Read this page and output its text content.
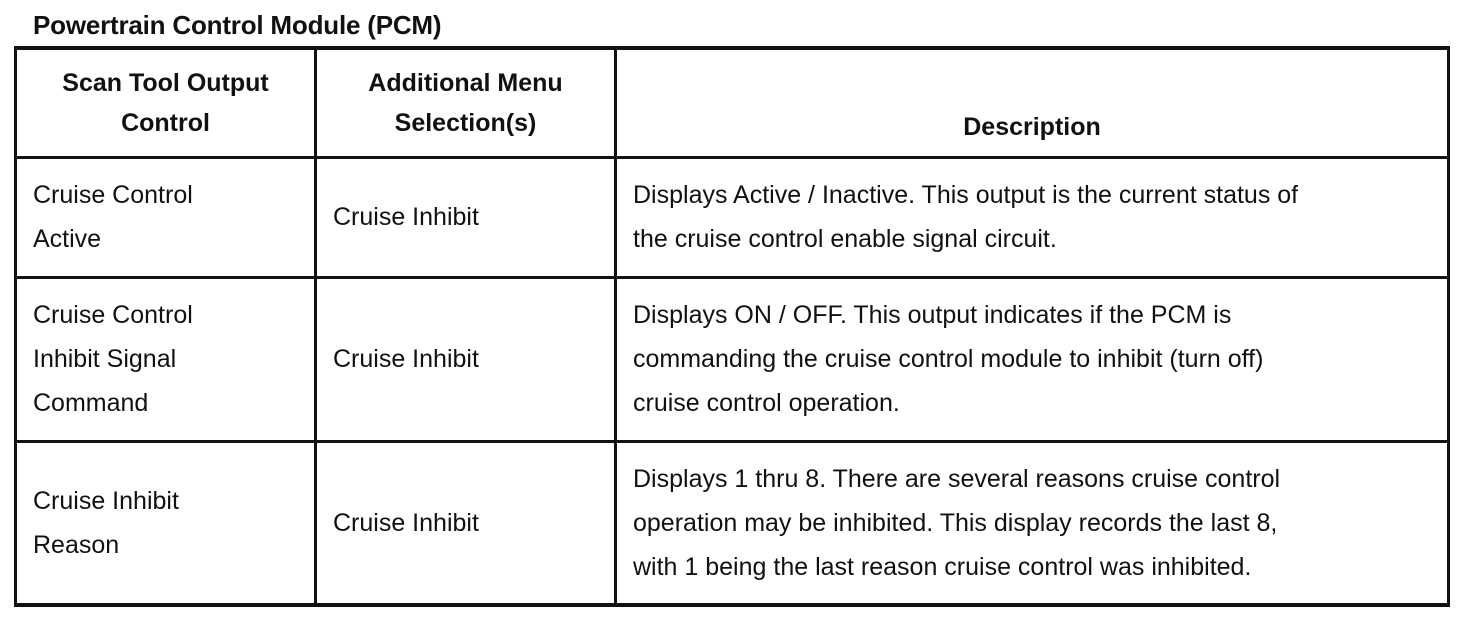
Powertrain Control Module (PCM)
Scan Tool Output
Control	Additional Menu
Selection(s)	Description

Cruise Control
Active	Cruise Inhibit	Displays Active / Inactive. This output is the current status of
the cruise control enable signal circuit.

Cruise Control
Inhibit Signal
Command	Cruise Inhibit	Displays ON / OFF. This output indicates if the PCM is
commanding the cruise control module to inhibit (turn off)
cruise control operation.

Cruise Inhibit
Reason	Cruise Inhibit	Displays 1 thru 8. There are several reasons cruise control
operation may be inhibited. This display records the last 8,
with 1 being the last reason cruise control was inhibited.
